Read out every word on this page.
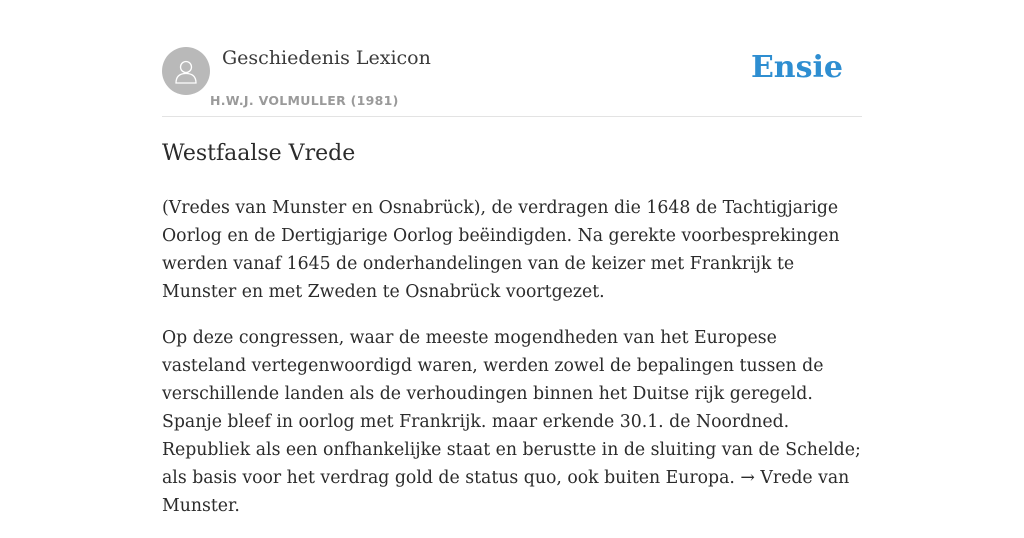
Geschiedenis Lexicon
H.W.J. VOLMULLER (1981)
Ensie
Westfaalse Vrede

(Vredes van Munster en Osnabrück), de verdragen die 1648 de Tachtigjarige Oorlog en de Dertigjarige Oorlog beëindigden. Na gerekte voorbesprekingen werden vanaf 1645 de onderhandelingen van de keizer met Frankrijk te Munster en met Zweden te Osnabrück voortgezet.

Op deze congressen, waar de meeste mogendheden van het Europese vasteland vertegenwoordigd waren, werden zowel de bepalingen tussen de verschillende landen als de verhoudingen binnen het Duitse rijk geregeld. Spanje bleef in oorlog met Frankrijk. maar erkende 30.1. de Noordned. Republiek als een onfhankelijke staat en berustte in de sluiting van de Schelde; als basis voor het verdrag gold de status quo, ook buiten Europa. → Vrede van Munster.
